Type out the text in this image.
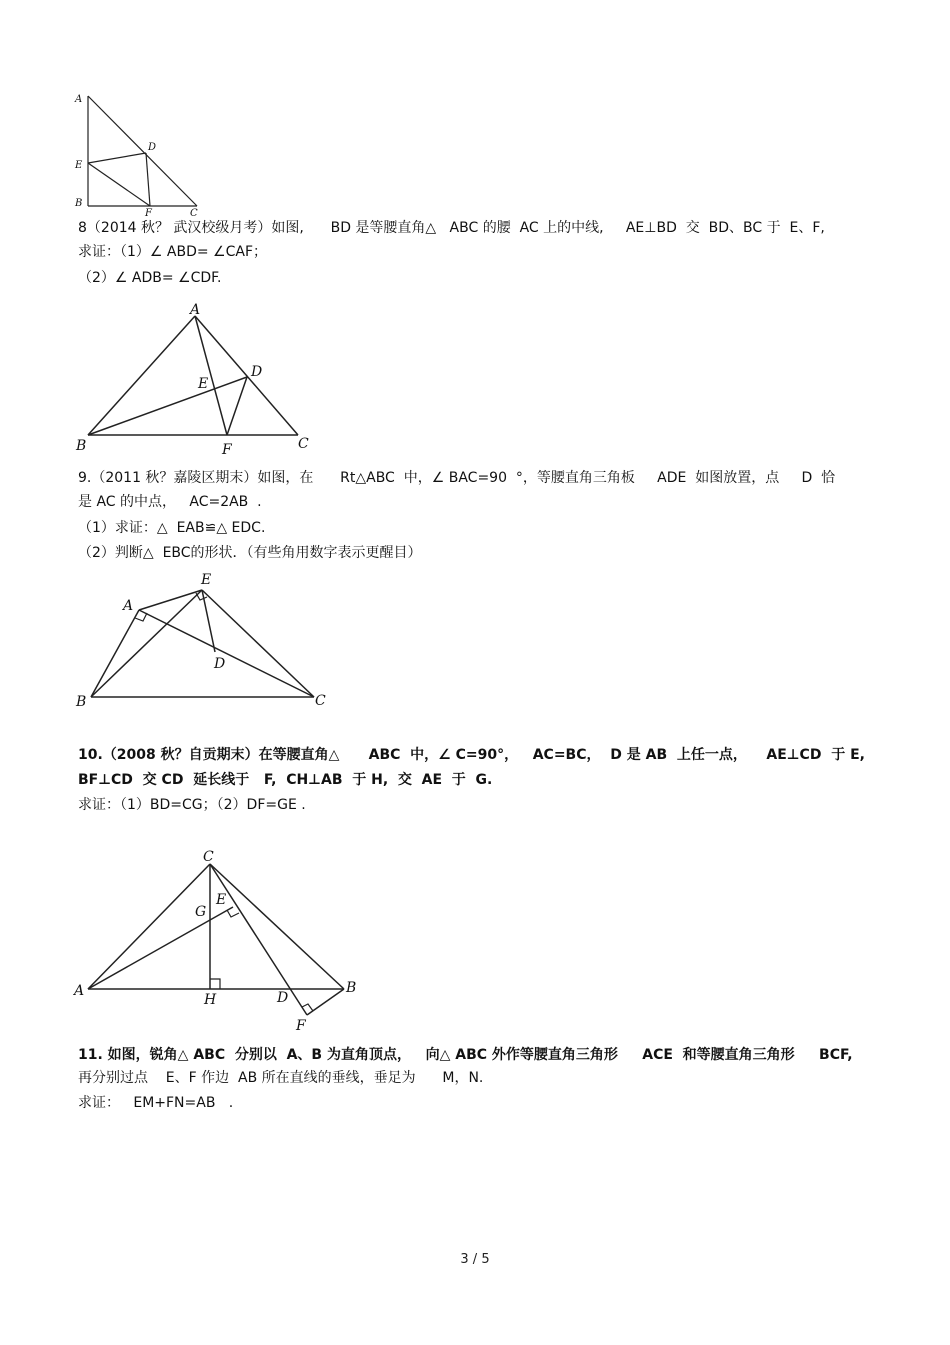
A
B
C
D
E
F
8（2014 秋？ 武汉校级月考）如图,      BD 是等腰直角△   ABC 的腰  AC 上的中线,     AE⊥BD  交  BD、BC 于  E、F,
求证：（1）∠ ABD= ∠CAF；
（2）∠ ADB= ∠CDF.
A
B	C
D
E
F
9.（2011 秋？嘉陵区期末）如图，在      Rt△ABC  中，∠ BAC=90  °，等腰直角三角板     ADE  如图放置，点     D  恰
是 AC 的中点，   AC=2AB  .
（1）求证：△  EAB≌△ EDC.
（2）判断△  EBC的形状．（有些角用数字表示更醒目）
A
B	C
D
E
10.（2008 秋？自贡期末）在等腰直角△      ABC  中，∠ C=90°，   AC=BC，  D 是 AB  上任一点，    AE⊥CD  于 E,
BF⊥CD  交 CD  延长线于   F,  CH⊥AB  于 H,  交  AE  于  G.
求证：（1）BD=CG；（2）DF=GE .
C
A	B
G
E
H	D
F
11. 如图，锐角△ ABC  分别以  A、B 为直角顶点，   向△ ABC 外作等腰直角三角形     ACE  和等腰直角三角形     BCF,
再分别过点    E、F 作边  AB 所在直线的垂线，垂足为      M，N.
求证：   EM+FN=AB   .
3 / 5
